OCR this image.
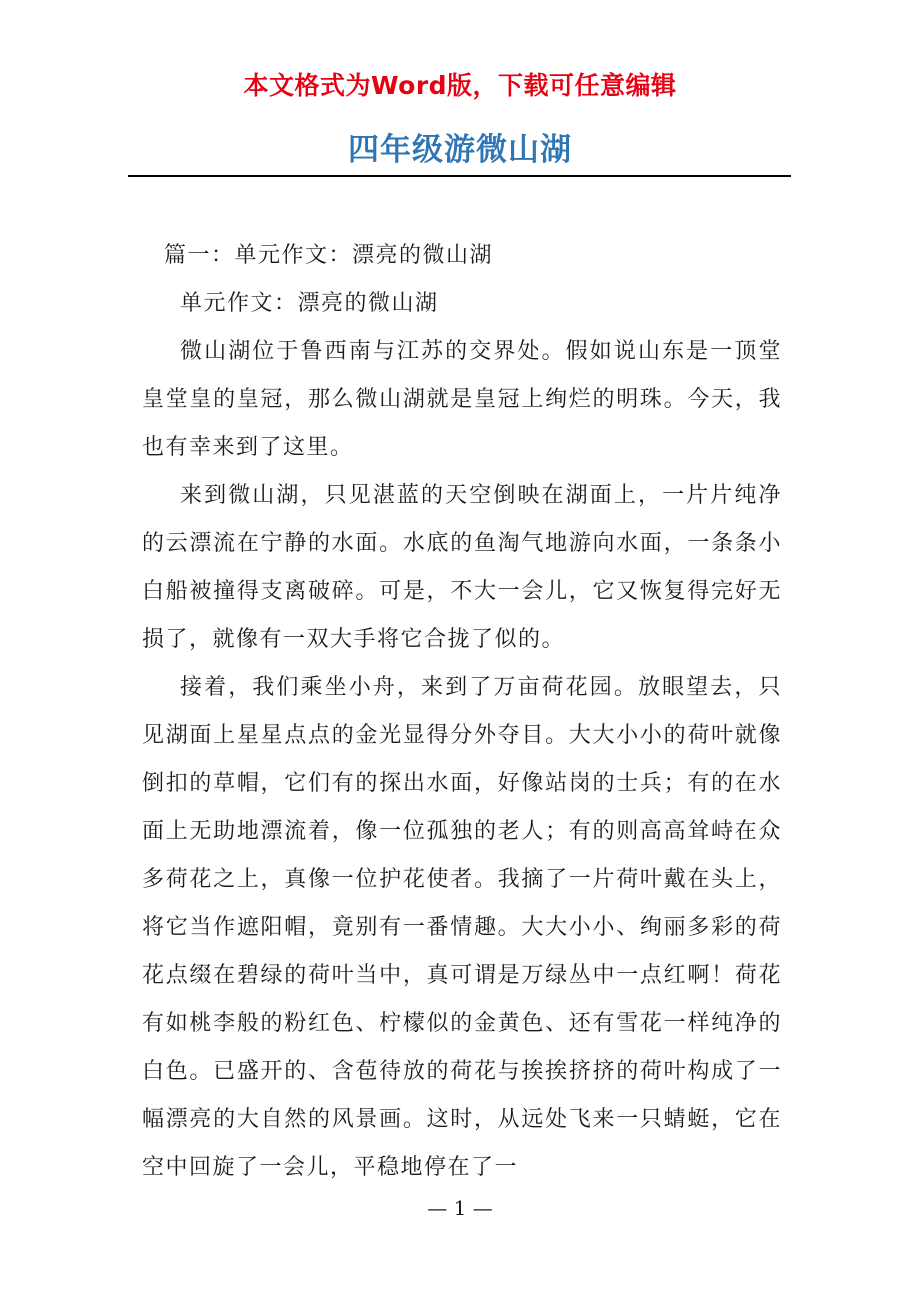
本文格式为Word版，下载可任意编辑
四年级游微山湖

篇一：单元作文：漂亮的微山湖

单元作文：漂亮的微山湖

微山湖位于鲁西南与江苏的交界处。假如说山东是一顶堂皇堂皇的皇冠，那么微山湖就是皇冠上绚烂的明珠。今天，我也有幸来到了这里。

来到微山湖，只见湛蓝的天空倒映在湖面上，一片片纯净的云漂流在宁静的水面。水底的鱼淘气地游向水面，一条条小白船被撞得支离破碎。可是，不大一会儿，它又恢复得完好无损了，就像有一双大手将它合拢了似的。

接着，我们乘坐小舟，来到了万亩荷花园。放眼望去，只见湖面上星星点点的金光显得分外夺目。大大小小的荷叶就像倒扣的草帽，它们有的探出水面，好像站岗的士兵；有的在水面上无助地漂流着，像一位孤独的老人；有的则高高耸峙在众多荷花之上，真像一位护花使者。我摘了一片荷叶戴在头上，将它当作遮阳帽，竟别有一番情趣。大大小小、绚丽多彩的荷花点缀在碧绿的荷叶当中，真可谓是万绿丛中一点红啊！荷花有如桃李般的粉红色、柠檬似的金黄色、还有雪花一样纯净的白色。已盛开的、含苞待放的荷花与挨挨挤挤的荷叶构成了一幅漂亮的大自然的风景画。这时，从远处飞来一只蜻蜓，它在空中回旋了一会儿，平稳地停在了一

— 1 —
